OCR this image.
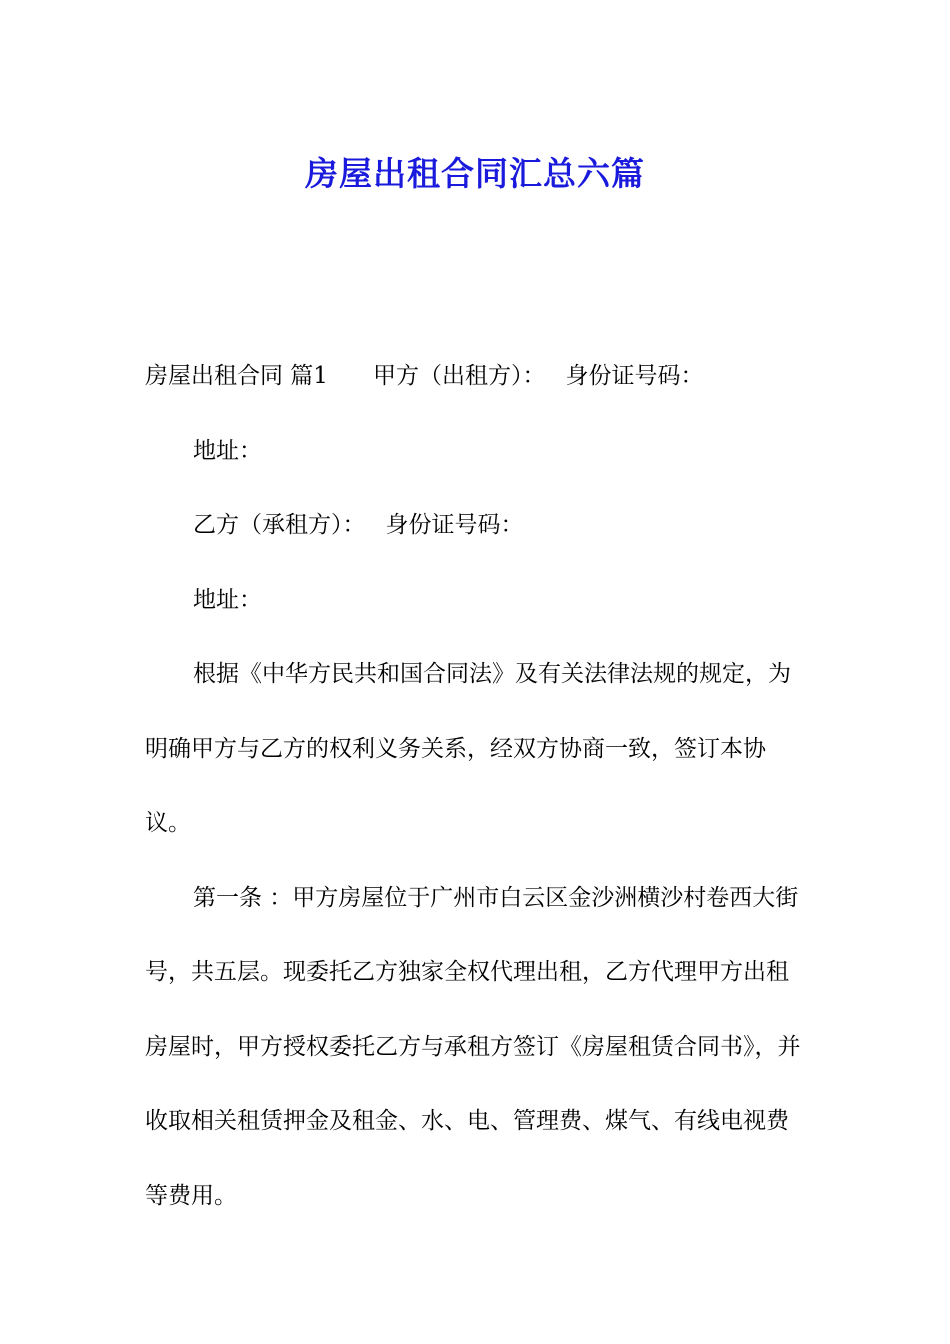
房屋出租合同汇总六篇

房屋出租合同 篇1 甲方（出租方）： 身份证号码：

地址：

乙方（承租方）： 身份证号码：

地址：

根据《中华方民共和国合同法》及有关法律法规的规定，为明确甲方与乙方的权利义务关系，经双方协商一致，签订本协议。

第一条 ：甲方房屋位于广州市白云区金沙洲横沙村卷西大街 号，共五层。现委托乙方独家全权代理出租，乙方代理甲方出租房屋时，甲方授权委托乙方与承租方签订《房屋租赁合同书》，并收取相关租赁押金及租金、水、电、管理费、煤气、有线电视费等费用。
